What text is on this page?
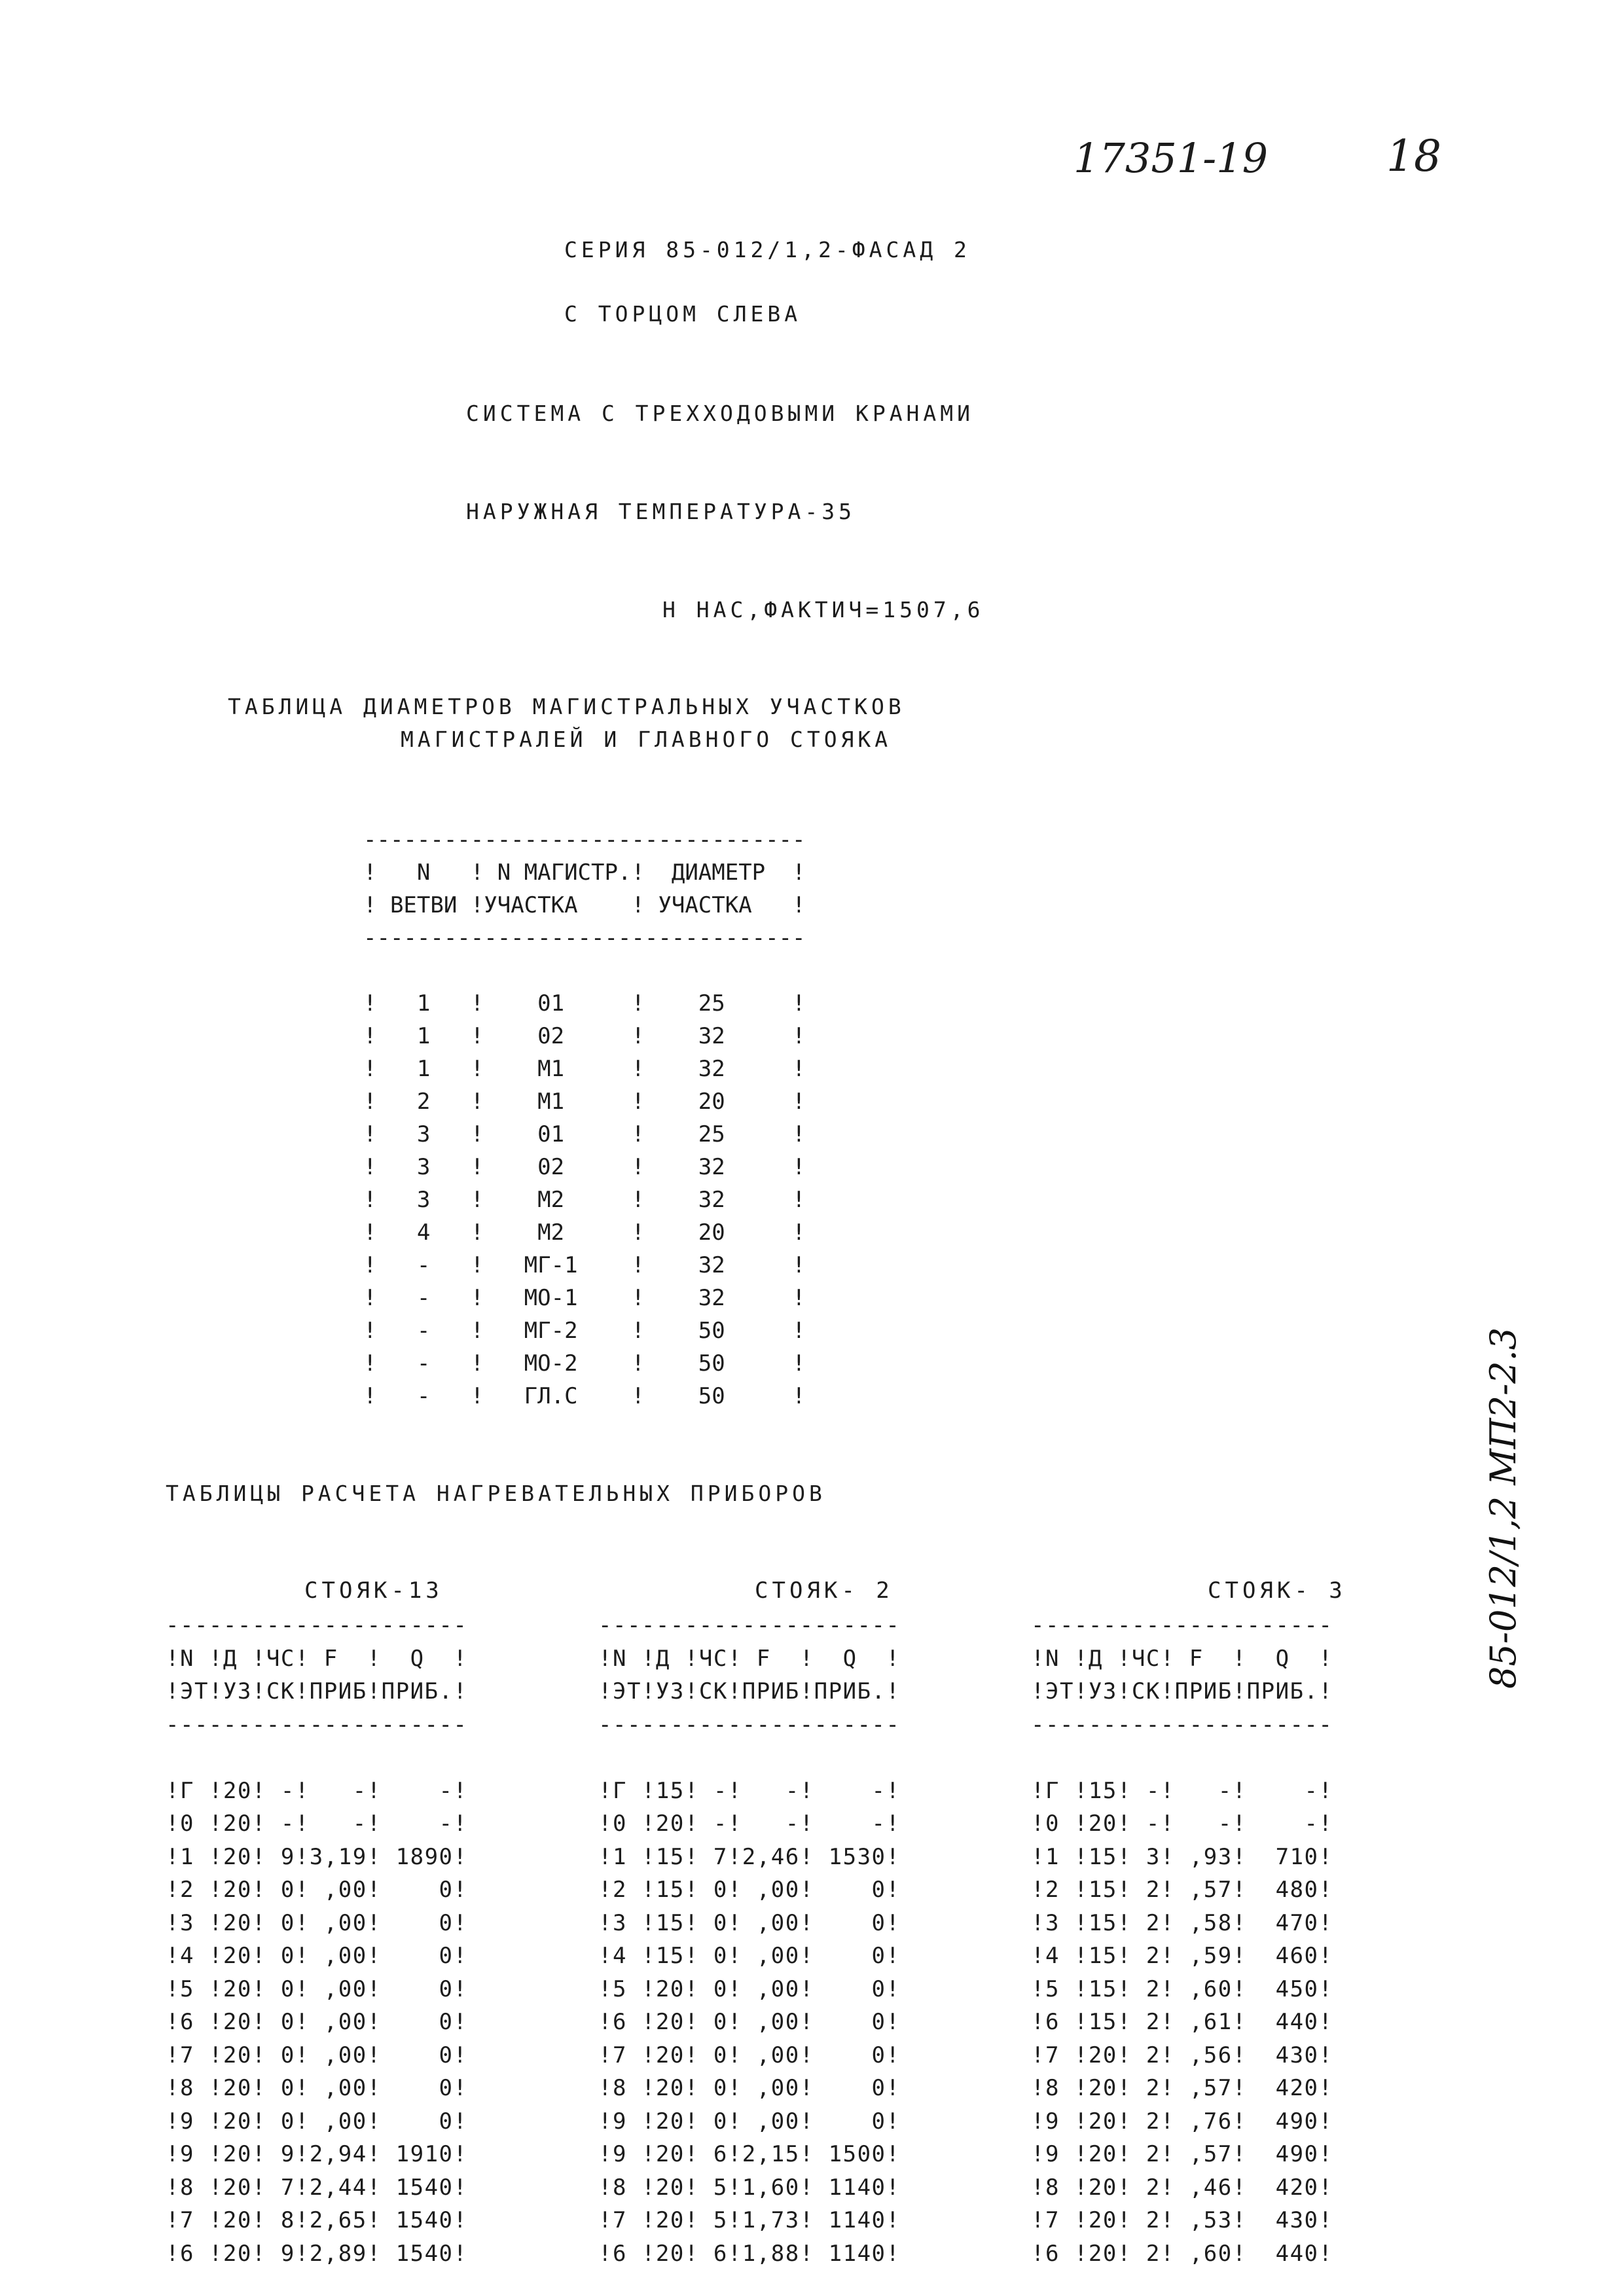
17351-19	18
СЕРИЯ 85-012/1,2-ФАСАД 2
С ТОРЦОМ СЛЕВА
СИСТЕМА С ТРЕХХОДОВЫМИ КРАНАМИ
НАРУЖНАЯ ТЕМПЕРАТУРА-35
Н НАС,ФАКТИЧ=1507,6
ТАБЛИЦА ДИАМЕТРОВ МАГИСТРАЛЬНЫХ УЧАСТКОВ
МАГИСТРАЛЕЙ И ГЛАВНОГО СТОЯКА
---------------------------------
!   N   ! N МАГИСТР.!  ДИАМЕТР  !
! ВЕТВИ !УЧАСТКА    ! УЧАСТКА   !
---------------------------------

!   1   !    01     !    25     !
!   1   !    02     !    32     !
!   1   !    М1     !    32     !
!   2   !    М1     !    20     !
!   3   !    01     !    25     !
!   3   !    02     !    32     !
!   3   !    М2     !    32     !
!   4   !    М2     !    20     !
!   -   !   МГ-1    !    32     !
!   -   !   МО-1    !    32     !
!   -   !   МГ-2    !    50     !
!   -   !   МО-2    !    50     !
!   -   !   ГЛ.С    !    50     !

ТАБЛИЦЫ РАСЧЕТА НАГРЕВАТЕЛЬНЫХ ПРИБОРОВ
СТОЯК-13	СТОЯК- 2	СТОЯК- 3
---------------------
!N !Д !ЧС! F  !  Q  !
!ЭТ!УЗ!СК!ПРИБ!ПРИБ.!
---------------------

!Г !20! -!   -!    -!
!0 !20! -!   -!    -!
!1 !20! 9!3,19! 1890!
!2 !20! 0! ,00!    0!
!3 !20! 0! ,00!    0!
!4 !20! 0! ,00!    0!
!5 !20! 0! ,00!    0!
!6 !20! 0! ,00!    0!
!7 !20! 0! ,00!    0!
!8 !20! 0! ,00!    0!
!9 !20! 0! ,00!    0!
!9 !20! 9!2,94! 1910!
!8 !20! 7!2,44! 1540!
!7 !20! 8!2,65! 1540!
!6 !20! 9!2,89! 1540!

---------------------
!N !Д !ЧС! F  !  Q  !
!ЭТ!УЗ!СК!ПРИБ!ПРИБ.!
---------------------

!Г !15! -!   -!    -!
!0 !20! -!   -!    -!
!1 !15! 7!2,46! 1530!
!2 !15! 0! ,00!    0!
!3 !15! 0! ,00!    0!
!4 !15! 0! ,00!    0!
!5 !20! 0! ,00!    0!
!6 !20! 0! ,00!    0!
!7 !20! 0! ,00!    0!
!8 !20! 0! ,00!    0!
!9 !20! 0! ,00!    0!
!9 !20! 6!2,15! 1500!
!8 !20! 5!1,60! 1140!
!7 !20! 5!1,73! 1140!
!6 !20! 6!1,88! 1140!

---------------------
!N !Д !ЧС! F  !  Q  !
!ЭТ!УЗ!СК!ПРИБ!ПРИБ.!
---------------------

!Г !15! -!   -!    -!
!0 !20! -!   -!    -!
!1 !15! 3! ,93!  710!
!2 !15! 2! ,57!  480!
!3 !15! 2! ,58!  470!
!4 !15! 2! ,59!  460!
!5 !15! 2! ,60!  450!
!6 !15! 2! ,61!  440!
!7 !20! 2! ,56!  430!
!8 !20! 2! ,57!  420!
!9 !20! 2! ,76!  490!
!9 !20! 2! ,57!  490!
!8 !20! 2! ,46!  420!
!7 !20! 2! ,53!  430!
!6 !20! 2! ,60!  440!

85-012/1,2 МП2-2.3
